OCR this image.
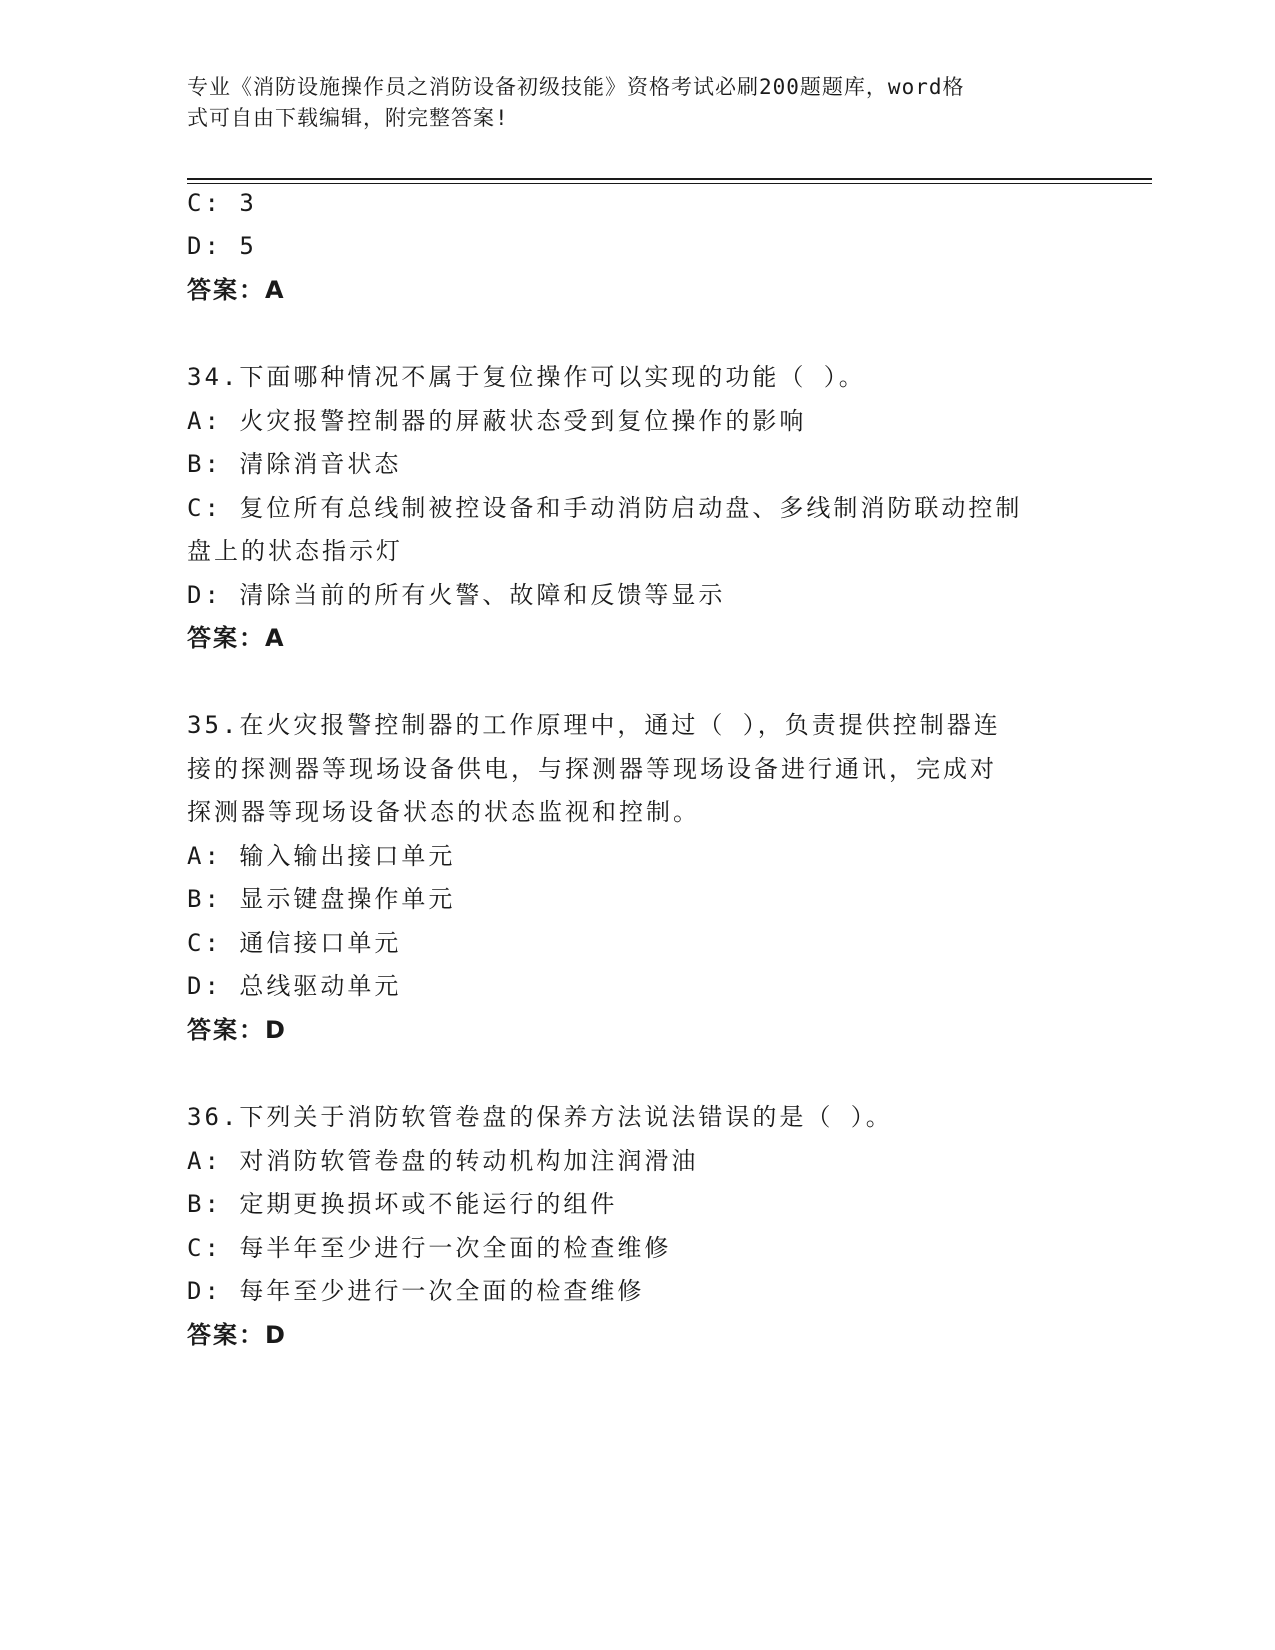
专业《消防设施操作员之消防设备初级技能》资格考试必刷200题题库，word格
式可自由下载编辑，附完整答案!
C: 3
D: 5
答案：A
34.下面哪种情况不属于复位操作可以实现的功能（ ）。
A: 火灾报警控制器的屏蔽状态受到复位操作的影响
B: 清除消音状态
C: 复位所有总线制被控设备和手动消防启动盘、多线制消防联动控制
盘上的状态指示灯
D: 清除当前的所有火警、故障和反馈等显示
答案：A
35.在火灾报警控制器的工作原理中，通过（ ），负责提供控制器连
接的探测器等现场设备供电，与探测器等现场设备进行通讯，完成对
探测器等现场设备状态的状态监视和控制。
A: 输入输出接口单元
B: 显示键盘操作单元
C: 通信接口单元
D: 总线驱动单元
答案：D
36.下列关于消防软管卷盘的保养方法说法错误的是（ ）。
A: 对消防软管卷盘的转动机构加注润滑油
B: 定期更换损坏或不能运行的组件
C: 每半年至少进行一次全面的检查维修
D: 每年至少进行一次全面的检查维修
答案：D
